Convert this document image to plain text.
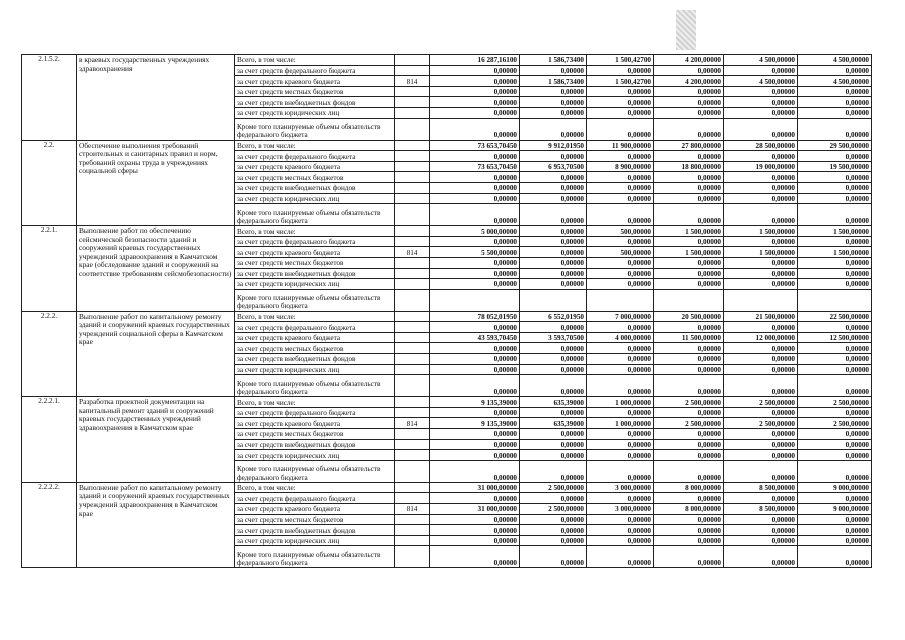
2.1.5.2.	в краевых государственных учреждениях здравоохранения	Всего, в том числе:		16 287,16100	1 586,73400	1 500,42700	4 200,00000	4 500,00000	4 500,00000
		за счет средств федерального бюджета		0,00000	0,00000	0,00000	0,00000	0,00000	0,00000
		за счет средств краевого бюджета	814	0,00000	1 586,73400	1 500,42700	4 200,00000	4 500,00000	4 500,00000
		за счет средств местных бюджетов		0,00000	0,00000	0,00000	0,00000	0,00000	0,00000
		за счет средств внебюджетных фондов		0,00000	0,00000	0,00000	0,00000	0,00000	0,00000
		за счет средств юридических лиц		0,00000	0,00000	0,00000	0,00000	0,00000	0,00000
		Кроме того планируемые объемы обязательств федерального бюджета		0,00000	0,00000	0,00000	0,00000	0,00000	0,00000
2.2.	Обеспечение выполнения требований строительных и санитарных правил и норм, требований охраны труда в учреждениях социальной сферы	Всего, в том числе:		73 653,70450	9 912,01950	11 900,00000	27 800,00000	28 500,00000	29 500,00000
		за счет средств федерального бюджета		0,00000	0,00000	0,00000	0,00000	0,00000	0,00000
		за счет средств краевого бюджета		73 653,70450	6 953,70500	8 900,00000	18 800,00000	19 000,00000	19 500,00000
		за счет средств местных бюджетов		0,00000	0,00000	0,00000	0,00000	0,00000	0,00000
		за счет средств внебюджетных фондов		0,00000	0,00000	0,00000	0,00000	0,00000	0,00000
		за счет средств юридических лиц		0,00000	0,00000	0,00000	0,00000	0,00000	0,00000
		Кроме того планируемые объемы обязательств федерального бюджета		0,00000	0,00000	0,00000	0,00000	0,00000	0,00000
2.2.1.	Выполнение работ по обеспечению сейсмической безопасности зданий и сооружений краевых государственных учреждений здравоохранения в Камчатском крае (обследование зданий и сооружений на соответствие требованиям сейсмобезопасности)	Всего, в том числе:		5 000,00000	0,00000	500,00000	1 500,00000	1 500,00000	1 500,00000
		за счет средств федерального бюджета		0,00000	0,00000	0,00000	0,00000	0,00000	0,00000
		за счет средств краевого бюджета	814	5 500,00000	0,00000	500,00000	1 500,00000	1 500,00000	1 500,00000
		за счет средств местных бюджетов		0,00000	0,00000	0,00000	0,00000	0,00000	0,00000
		за счет средств внебюджетных фондов		0,00000	0,00000	0,00000	0,00000	0,00000	0,00000
		за счет средств юридических лиц		0,00000	0,00000	0,00000	0,00000	0,00000	0,00000
		Кроме того планируемые объемы обязательств федерального бюджета							
2.2.2.	Выполнение работ по капитальному ремонту зданий и сооружений краевых государственных учреждений социальной сферы в Камчатском крае	Всего, в том числе:		78 052,01950	6 552,01950	7 000,00000	20 500,00000	21 500,00000	22 500,00000
		за счет средств федерального бюджета		0,00000	0,00000	0,00000	0,00000	0,00000	0,00000
		за счет средств краевого бюджета		43 593,70450	3 593,70500	4 000,00000	11 500,00000	12 000,00000	12 500,00000
		за счет средств местных бюджетов		0,00000	0,00000	0,00000	0,00000	0,00000	0,00000
		за счет средств внебюджетных фондов		0,00000	0,00000	0,00000	0,00000	0,00000	0,00000
		за счет средств юридических лиц		0,00000	0,00000	0,00000	0,00000	0,00000	0,00000
		Кроме того планируемые объемы обязательств федерального бюджета		0,00000	0,00000	0,00000	0,00000	0,00000	0,00000
2.2.2.1.	Разработка проектной документации на капитальный ремонт зданий и сооружений краевых государственных учреждений здравоохранения в Камчатском крае	Всего, в том числе:		9 135,39000	635,39000	1 000,00000	2 500,00000	2 500,00000	2 500,00000
		за счет средств федерального бюджета		0,00000	0,00000	0,00000	0,00000	0,00000	0,00000
		за счет средств краевого бюджета	814	9 135,39000	635,39000	1 000,00000	2 500,00000	2 500,00000	2 500,00000
		за счет средств местных бюджетов		0,00000	0,00000	0,00000	0,00000	0,00000	0,00000
		за счет средств внебюджетных фондов		0,00000	0,00000	0,00000	0,00000	0,00000	0,00000
		за счет средств юридических лиц		0,00000	0,00000	0,00000	0,00000	0,00000	0,00000
		Кроме того планируемые объемы обязательств федерального бюджета		0,00000	0,00000	0,00000	0,00000	0,00000	0,00000
2.2.2.2.	Выполнение работ по капитальному ремонту зданий и сооружений краевых государственных учреждений здравоохранения в Камчатском крае	Всего, в том числе:		31 000,00000	2 500,00000	3 000,00000	8 000,00000	8 500,00000	9 000,00000
		за счет средств федерального бюджета		0,00000	0,00000	0,00000	0,00000	0,00000	0,00000
		за счет средств краевого бюджета	814	31 000,00000	2 500,00000	3 000,00000	8 000,00000	8 500,00000	9 000,00000
		за счет средств местных бюджетов		0,00000	0,00000	0,00000	0,00000	0,00000	0,00000
		за счет средств внебюджетных фондов		0,00000	0,00000	0,00000	0,00000	0,00000	0,00000
		за счет средств юридических лиц		0,00000	0,00000	0,00000	0,00000	0,00000	0,00000
		Кроме того планируемые объемы обязательств федерального бюджета		0,00000	0,00000	0,00000	0,00000	0,00000	0,00000
